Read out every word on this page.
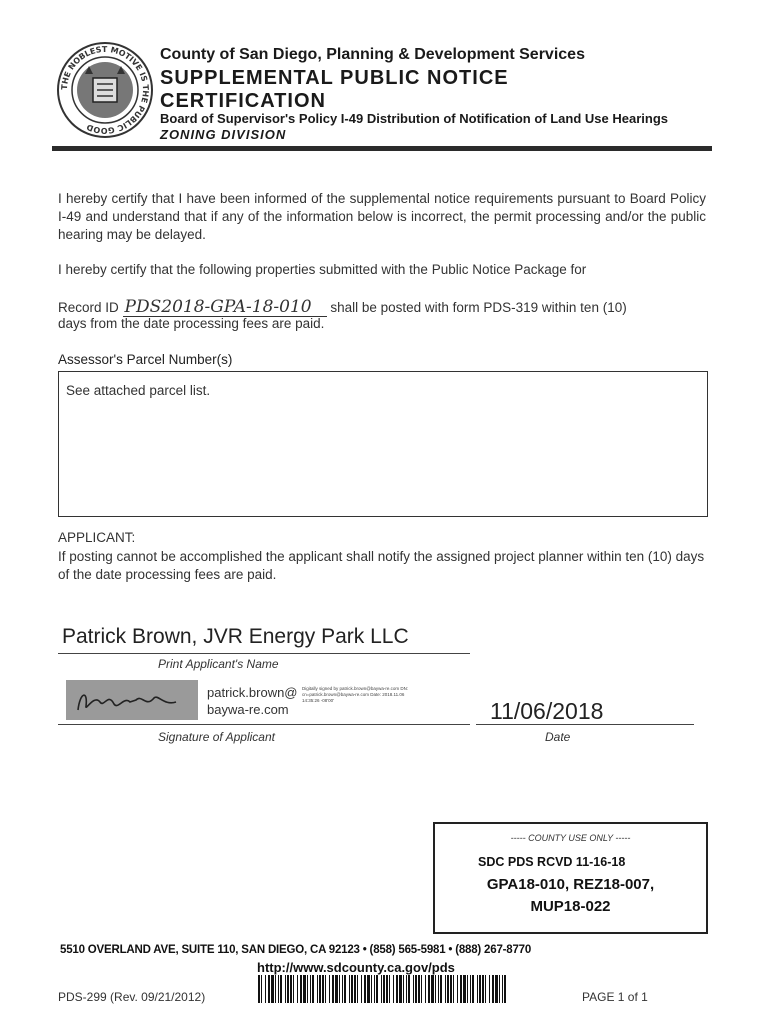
THE NOBLEST MOTIVE IS THE PUBLIC GOOD
County of San Diego, Planning & Development Services
SUPPLEMENTAL PUBLIC NOTICE
CERTIFICATION
Board of Supervisor's Policy I-49 Distribution of Notification of Land Use Hearings
ZONING DIVISION
I hereby certify that I have been informed of the supplemental notice requirements pursuant to Board Policy I-49 and understand that if any of the information below is incorrect, the permit processing and/or the public hearing may be delayed.
I hereby certify that the following properties submitted with the Public Notice Package for
Record ID PDS2018-GPA-18-010 shall be posted with form PDS-319 within ten (10)
days from the date processing fees are paid.
Assessor's Parcel Number(s)
See attached parcel list.
APPLICANT:
If posting cannot be accomplished the applicant shall notify the assigned project planner within ten (10) days of the date processing fees are paid.
Patrick Brown, JVR Energy Park LLC
Print Applicant's Name
patrick.brown@
baywa-re.com
Digitally signed by patrick.brown@baywa-re.com DN: cn=patrick.brown@baywa-re.com Date: 2018.11.06 14:35:26 -08'00'
Signature of Applicant
11/06/2018
Date
----- COUNTY USE ONLY -----
SDC PDS RCVD 11-16-18
GPA18-010, REZ18-007,
MUP18-022
5510 OVERLAND AVE, SUITE 110, SAN DIEGO, CA 92123 • (858) 565-5981 • (888) 267-8770
http://www.sdcounty.ca.gov/pds
PDS-299 (Rev. 09/21/2012)	PAGE 1 of 1
